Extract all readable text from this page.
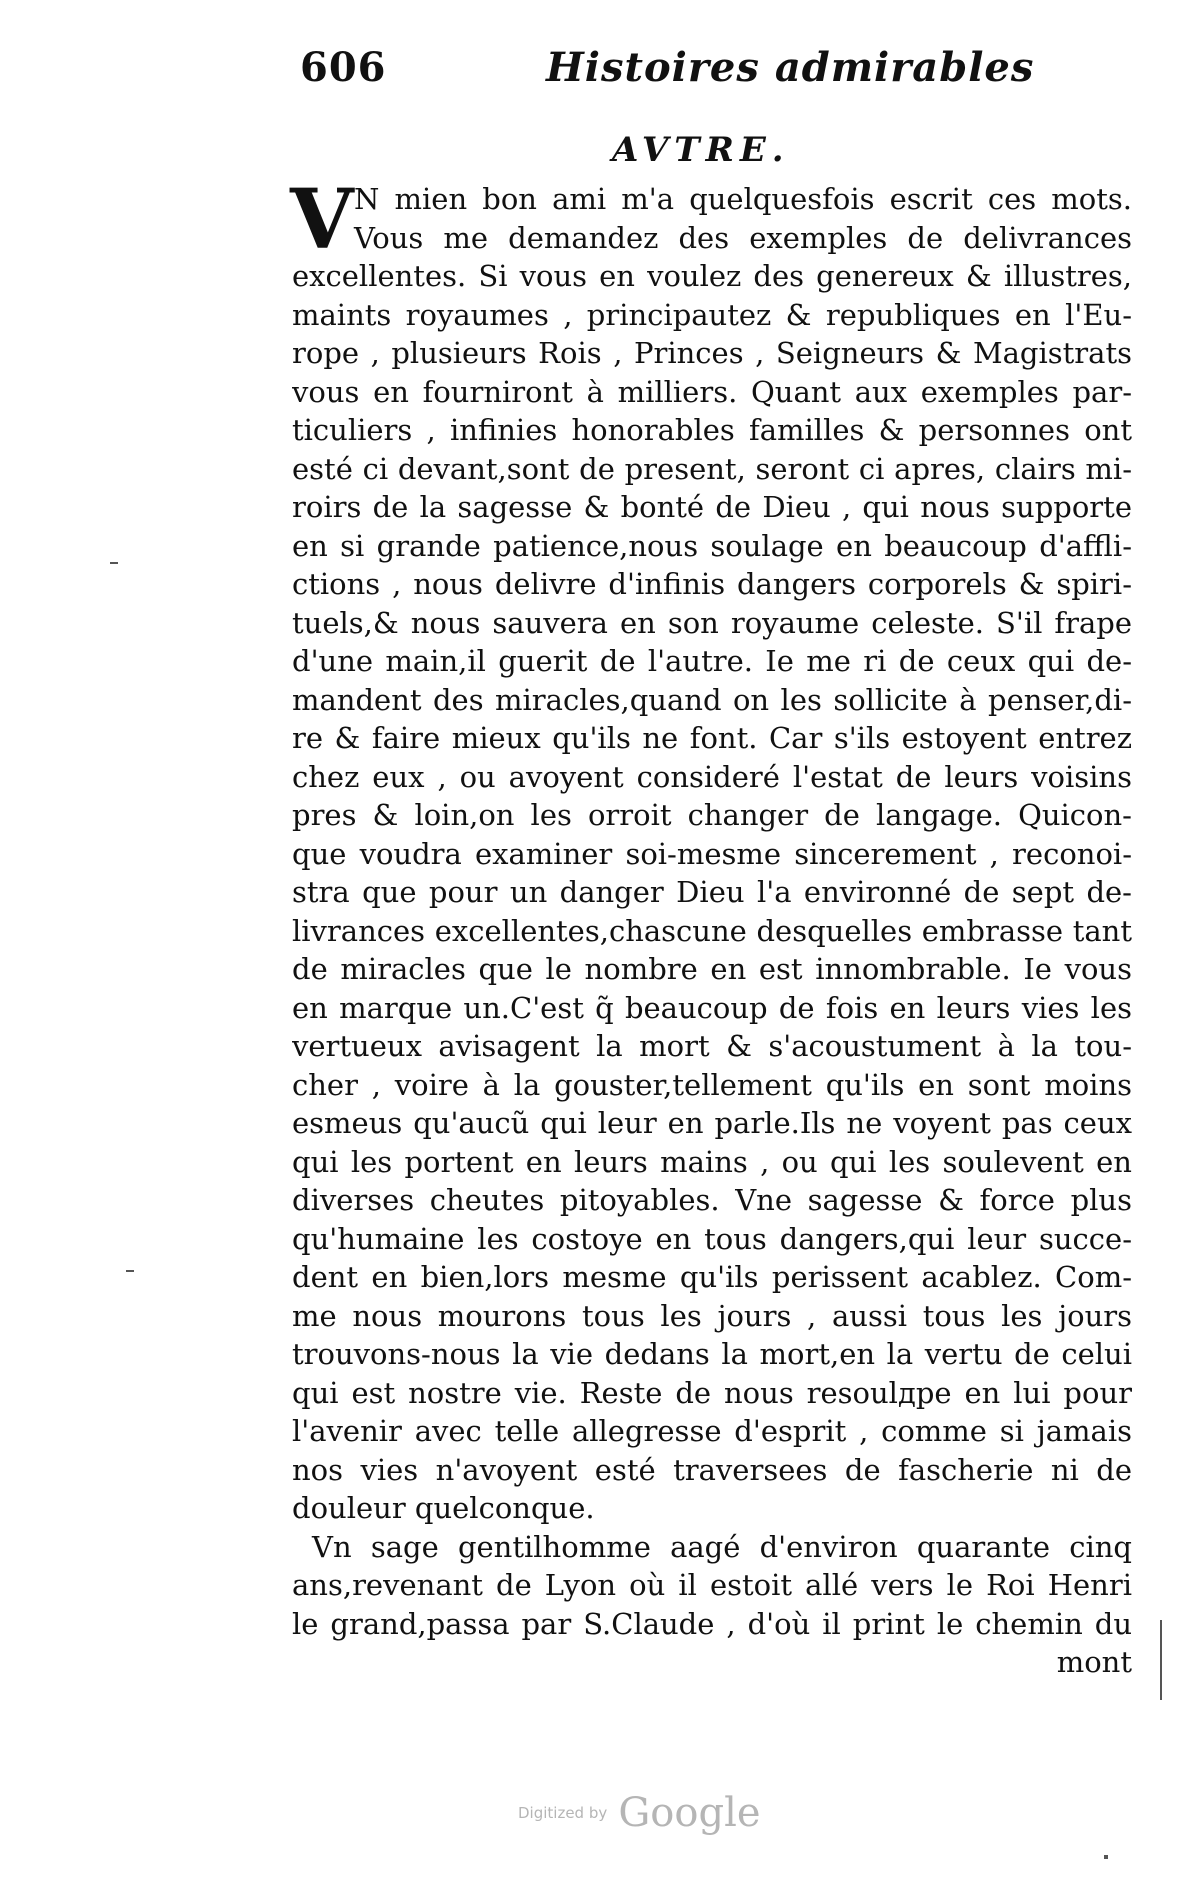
606	Histoires admirables
AVTRE.
V N mien bon ami m'a quelquesfois escrit ces mots.
Vous me demandez des exemples de delivrances
excellentes. Si vous en voulez des genereux & illustres,
maints royaumes , principautez & republiques en l'Eu-
rope , plusieurs Rois , Princes , Seigneurs & Magistrats
vous en fourniront à milliers. Quant aux exemples par-
ticuliers , infinies honorables familles & personnes ont
esté ci devant,sont de present, seront ci apres, clairs mi-
roirs de la sagesse & bonté de Dieu , qui nous supporte
en si grande patience,nous soulage en beaucoup d'affli-
ctions , nous delivre d'infinis dangers corporels & spiri-
tuels,& nous sauvera en son royaume celeste. S'il frape
d'une main,il guerit de l'autre. Ie me ri de ceux qui de-
mandent des miracles,quand on les sollicite à penser,di-
re & faire mieux qu'ils ne font. Car s'ils estoyent entrez
chez eux , ou avoyent consideré l'estat de leurs voisins
pres & loin,on les orroit changer de langage. Quicon-
que voudra examiner soi-mesme sincerement , reconoi-
stra que pour un danger Dieu l'a environné de sept de-
livrances excellentes,chascune desquelles embrasse tant
de miracles que le nombre en est innombrable. Ie vous
en marque un.C'est q̃ beaucoup de fois en leurs vies les
vertueux avisagent la mort & s'acoustument à la tou-
cher , voire à la gouster,tellement qu'ils en sont moins
esmeus qu'aucũ qui leur en parle.Ils ne voyent pas ceux
qui les portent en leurs mains , ou qui les soulevent en
diverses cheutes pitoyables. Vne sagesse & force plus
qu'humaine les costoye en tous dangers,qui leur succe-
dent en bien,lors mesme qu'ils perissent acablez. Com-
me nous mourons tous les jours , aussi tous les jours
trouvons-nous la vie dedans la mort,en la vertu de celui
qui est nostre vie. Reste de nous resoulдре en lui pour
l'avenir avec telle allegresse d'esprit , comme si jamais
nos vies n'avoyent esté traversees de fascherie ni de
douleur quelconque.
Vn sage gentilhomme aagé d'environ quarante cinq
ans,revenant de Lyon où il estoit allé vers le Roi Henri
le grand,passa par S.Claude , d'où il print le chemin du
mont
Digitized by Google
